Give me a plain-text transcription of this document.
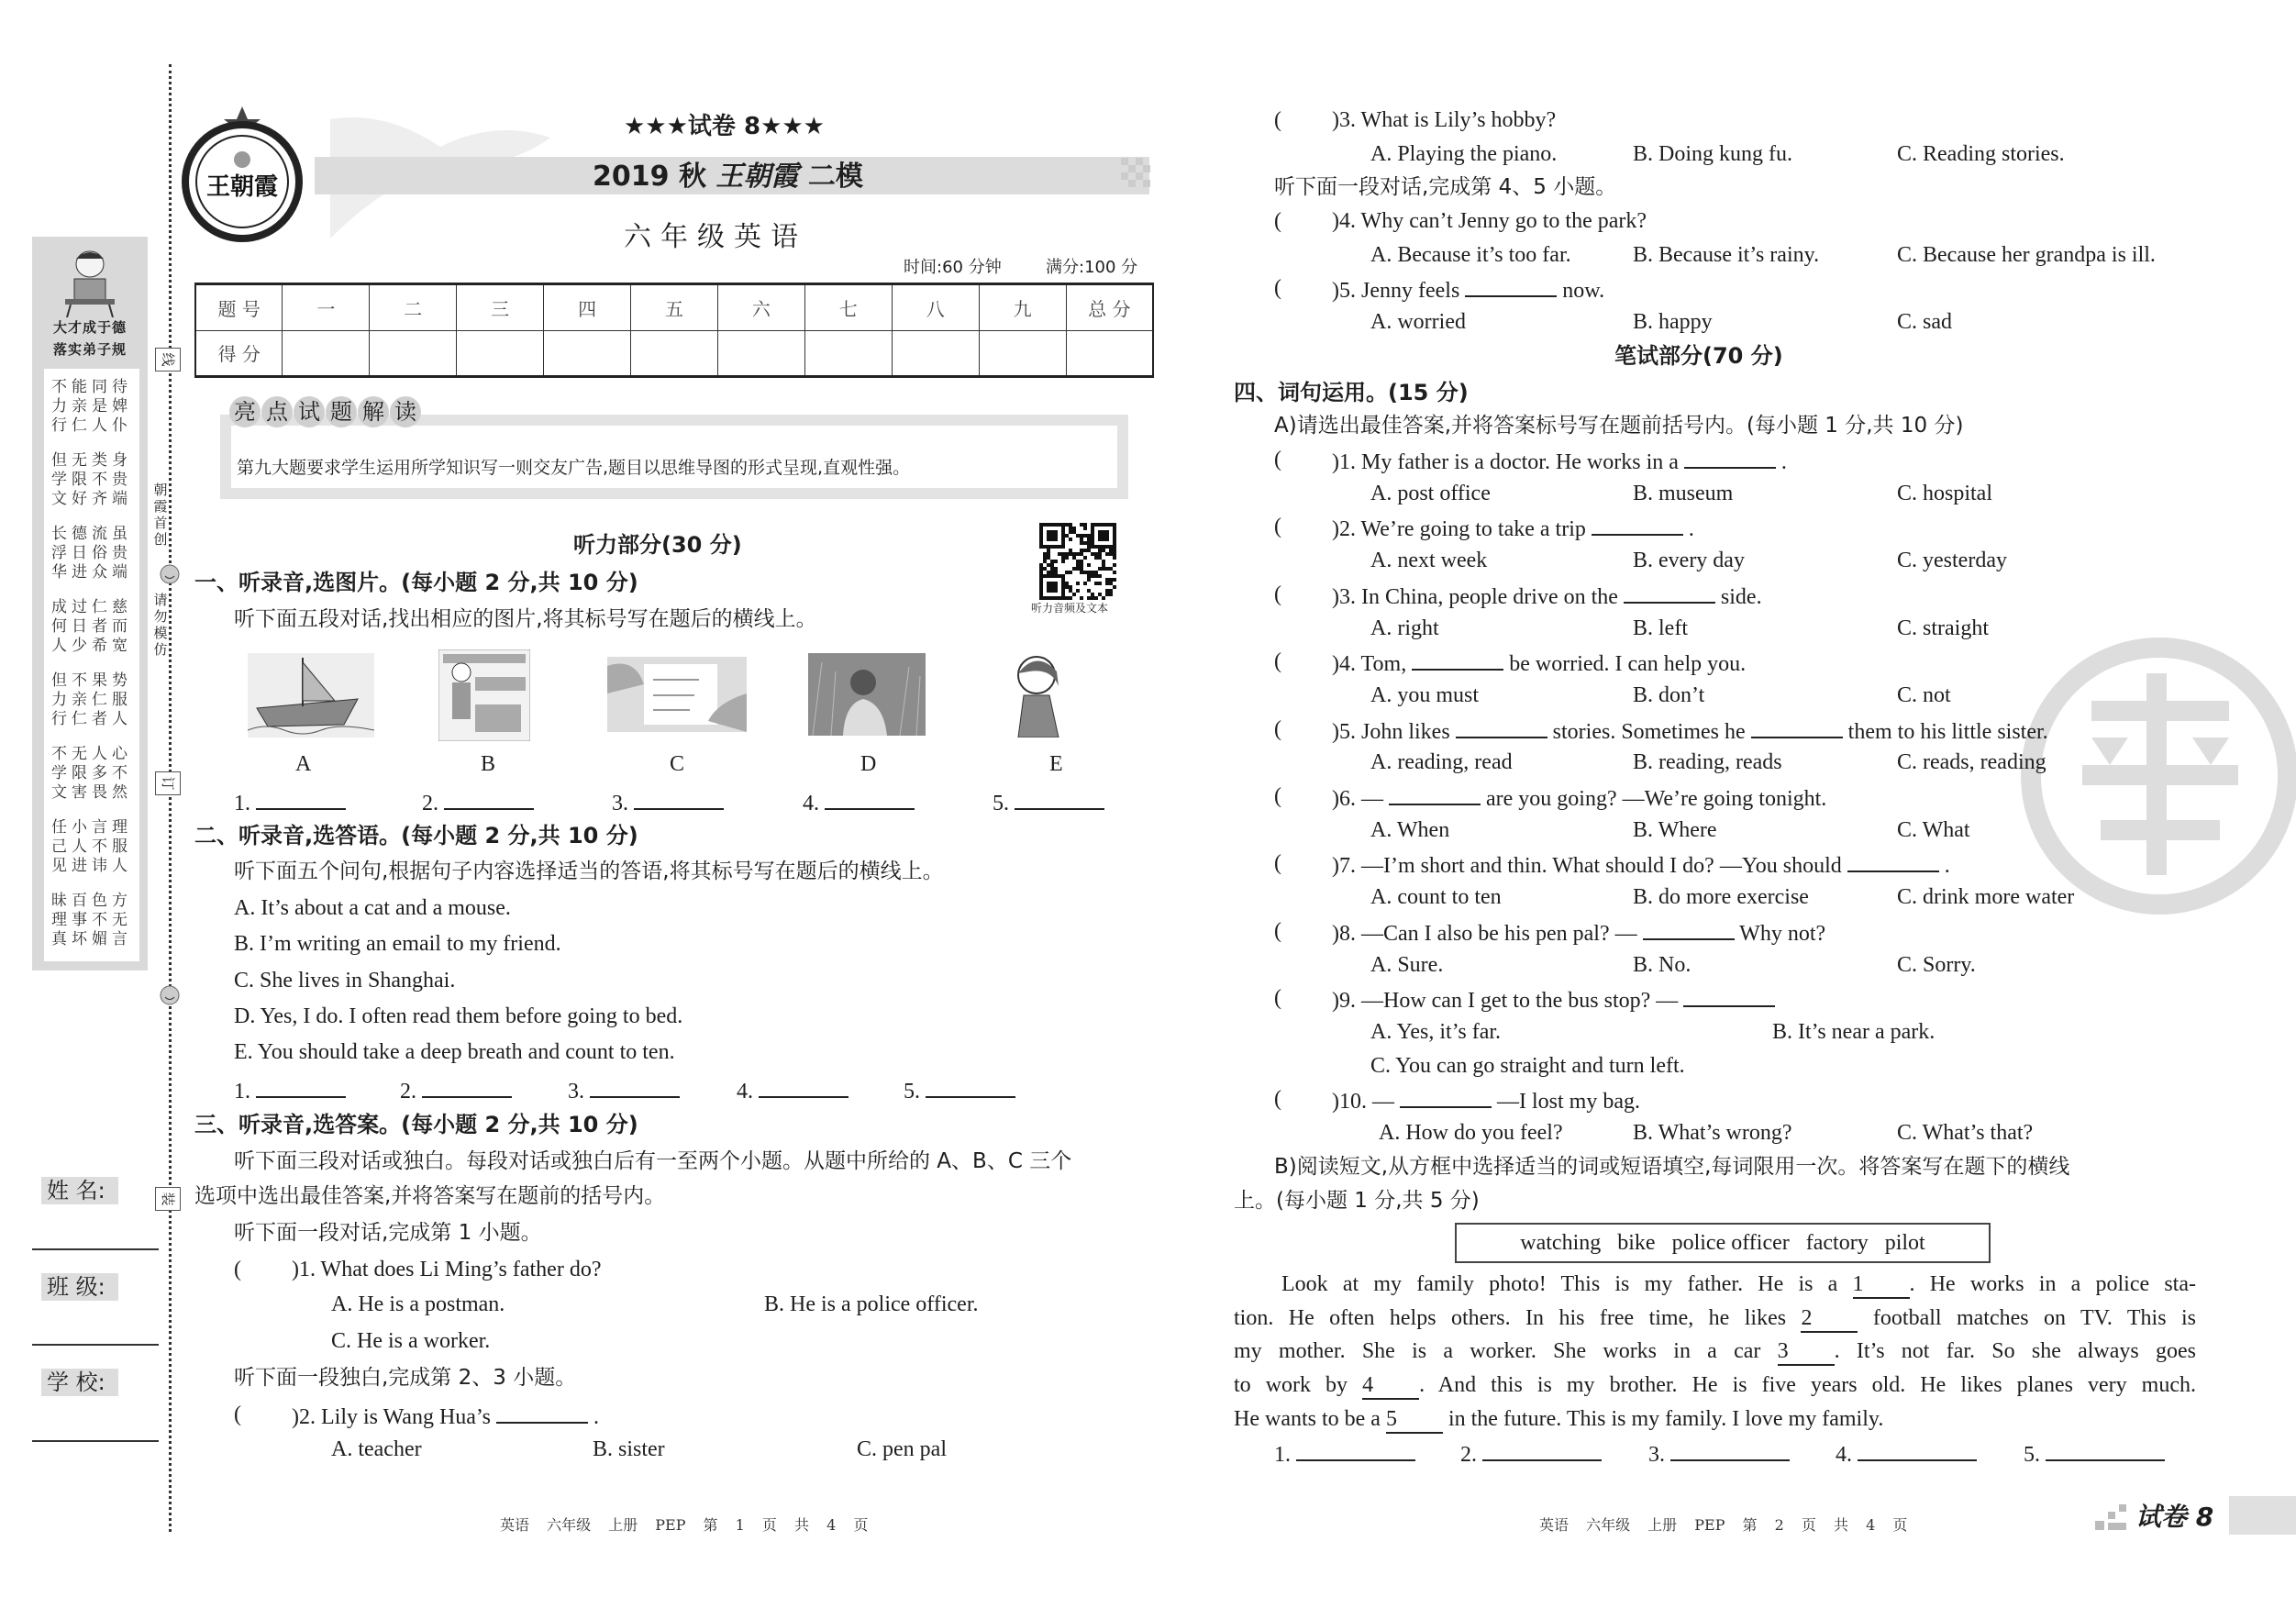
线
订
装
朝霞首创
请勿模仿
大才成于德
落实弟子规
不能同待
力亲是婢
行仁人仆
但无类身
学限不贵
文好齐端
长德流虽
浮日俗贵
华进众端
成过仁慈
何日者而
人少希宽
但不果势
力亲仁服
行仁者人
不无人心
学限多不
文害畏然
任小言理
己人不服
见进讳人
昧百色方
理事不无
真坏媚言
姓 名:
班 级:
学 校:
王朝霞
★★★试卷 8★★★
2019 秋 王朝霞 二模
六年级英语
时间:60 分钟	满分:100 分
题 号	一	二	三	四	五	六	七	八	九	总 分
得 分										
亮 点 试 题 解 读
第九大题要求学生运用所学知识写一则交友广告,题目以思维导图的形式呈现,直观性强。
听力部分(30 分)
听力音频及文本
一、听录音,选图片。(每小题 2 分,共 10 分)
听下面五段对话,找出相应的图片,将其标号写在题后的横线上。
A	B	C	D	E
1.	2.	3.	4.	5.
二、听录音,选答语。(每小题 2 分,共 10 分)
听下面五个问句,根据句子内容选择适当的答语,将其标号写在题后的横线上。
A. It’s about a cat and a mouse.
B. I’m writing an email to my friend.
C. She lives in Shanghai.
D. Yes, I do. I often read them before going to bed.
E. You should take a deep breath and count to ten.
1.	2.	3.	4.	5.
三、听录音,选答案。(每小题 2 分,共 10 分)
听下面三段对话或独白。每段对话或独白后有一至两个小题。从题中所给的 A、B、C 三个
选项中选出最佳答案,并将答案写在题前的括号内。
听下面一段对话,完成第 1 小题。
听下面一段独白,完成第 2、3 小题。
( )1. What does Li Ming’s father do?
A. He is a postman.	B. He is a police officer.
C. He is a worker.
( )2. Lily is Wang Hua’s	.
A. teacher	B. sister	C. pen pal
英语 六年级 上册 PEP 第 1 页 共 4 页
听下面一段对话,完成第 4、5 小题。
( )3. What is Lily’s hobby?
A. Playing the piano.	B. Doing kung fu.	C. Reading stories.
( )4. Why can’t Jenny go to the park?
A. Because it’s too far.	B. Because it’s rainy.	C. Because her grandpa is ill.
( )5. Jenny feels	now.
A. worried	B. happy	C. sad
笔试部分(70 分)
四、词句运用。(15 分)
A)请选出最佳答案,并将答案标号写在题前括号内。(每小题 1 分,共 10 分)
( )1. My father is a doctor. He works in a	.
A. post office	B. museum	C. hospital
( )2. We’re going to take a trip	.
A. next week	B. every day	C. yesterday
( )3. In China, people drive on the	side.
A. right	B. left	C. straight
( )4. Tom,	be worried. I can help you.
A. you must	B. don’t	C. not
( )5. John likes	stories. Sometimes he	them to his little sister.
A. reading, read	B. reading, reads	C. reads, reading
( )6. —	are you going? —We’re going tonight.
A. When	B. Where	C. What
( )7. —I’m short and thin. What should I do? —You should	.
A. count to ten	B. do more exercise	C. drink more water
( )8. —Can I also be his pen pal? —	Why not?
A. Sure.	B. No.	C. Sorry.
( )9. —How can I get to the bus stop? —
A. Yes, it’s far.	B. It’s near a park.
C. You can go straight and turn left.
( )10. —	—I lost my bag.
A. How do you feel?	B. What’s wrong?	C. What’s that?
B)阅读短文,从方框中选择适当的词或短语填空,每词限用一次。将答案写在题下的横线
上。(每小题 1 分,共 5 分)
watching bike police officer factory pilot
Look at my family photo! This is my father. He is a 1 . He works in a police sta-
tion. He often helps others. In his free time, he likes 2 football matches on TV. This is
my mother. She is a worker. She works in a car 3 . It’s not far. So she always goes
to work by 4 . And this is my brother. He is five years old. He likes planes very much.
He wants to be a 5 in the future. This is my family. I love my family.
1.	2.	3.	4.	5.
英语 六年级 上册 PEP 第 2 页 共 4 页	试卷 8
